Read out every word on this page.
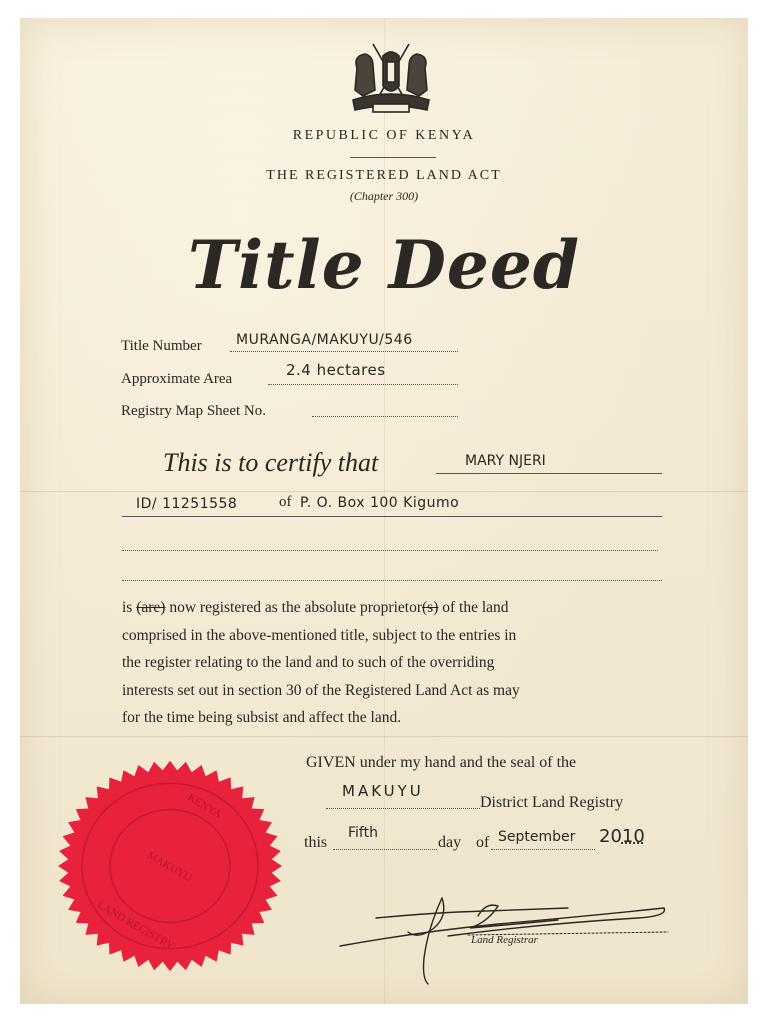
REPUBLIC OF KENYA
THE REGISTERED LAND ACT
(Chapter 300)
Title Deed
Title Number MURANGA/MAKUYU/546
Approximate Area	2.4 hectares
Registry Map Sheet No.
This is to certify that	MARY NJERI
ID/ 11251558	of P. O. Box 100 Kigumo
is (are) now registered as the absolute proprietor(s) of the land
comprised in the above-mentioned title, subject to the entries in
the register relating to the land and to such of the overriding
interests set out in section 30 of the Registered Land Act as may
for the time being subsist and affect the land.
GIVEN under my hand and the seal of the
MAKUYU
District Land Registry
this
Fifth
day of September 2010
KENYA
MAKUYU
LAND REGISTRY	Land Registrar
